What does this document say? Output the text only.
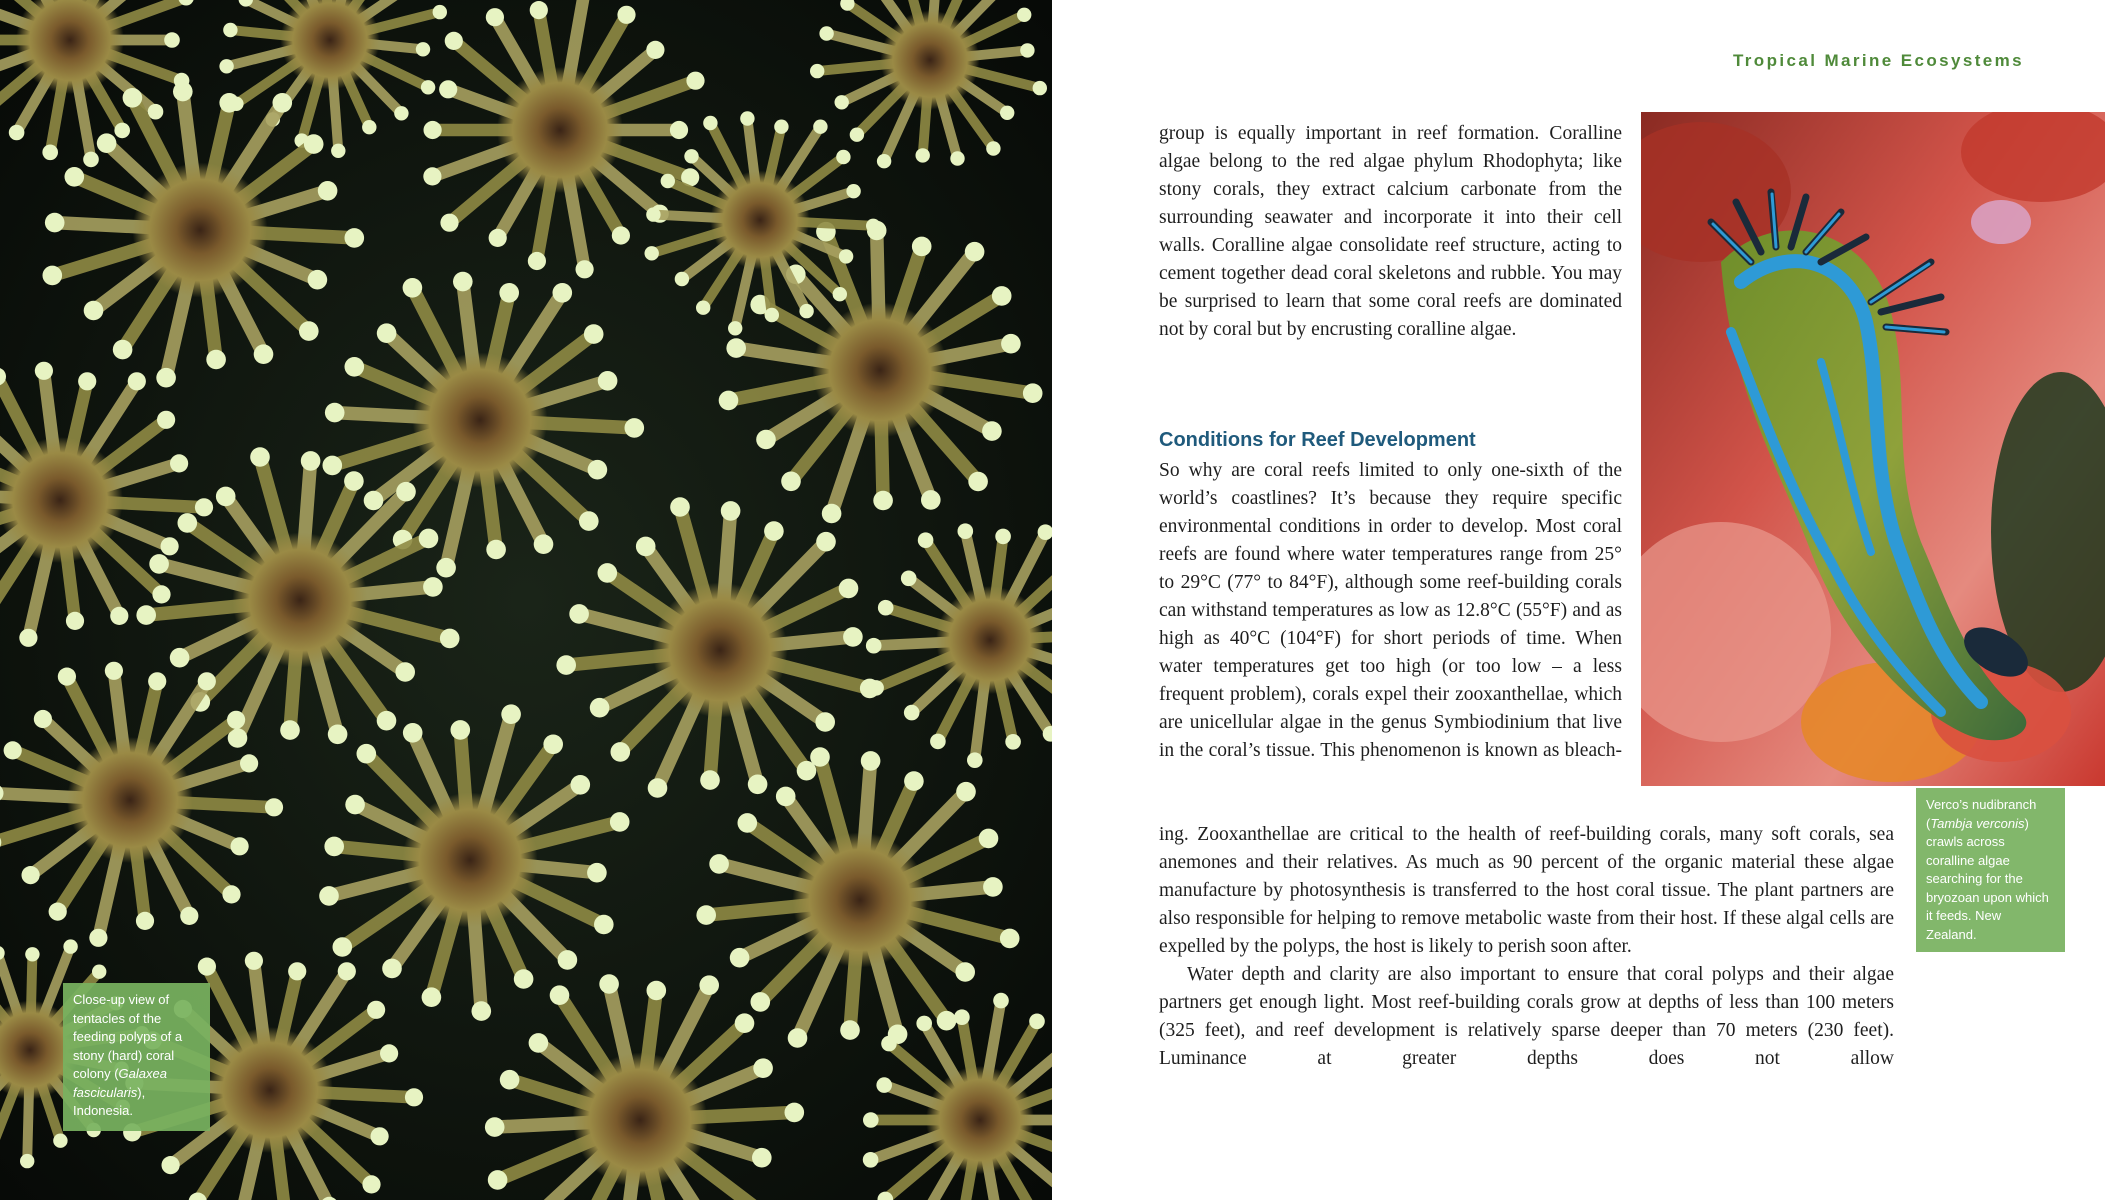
Close-up view of tentacles of the feeding polyps of a stony (hard) coral colony (Galaxea fascicularis), Indonesia.
Tropical Marine Ecosystems

group is equally important in reef formation. Coralline algae belong to the red algae phylum Rhodophyta; like stony corals, they extract calcium carbonate from the surrounding seawater and incorporate it into their cell walls. Coralline algae consolidate reef structure, acting to cement together dead coral skeletons and rubble. You may be surprised to learn that some coral reefs are dominated not by coral but by encrusting coralline algae.

Conditions for Reef Development

So why are coral reefs limited to only one-sixth of the world’s coastlines? It’s because they require specific environmental conditions in order to develop. Most coral reefs are found where water temperatures range from 25° to 29°C (77° to 84°F), although some reef-building corals can withstand temperatures as low as 12.8°C (55°F) and as high as 40°C (104°F) for short periods of time. When water temperatures get too high (or too low – a less frequent problem), corals expel their zooxanthellae, which are unicellular algae in the genus Symbiodinium that live in the coral’s tissue. This phenomenon is known as bleach-

ing. Zooxanthellae are critical to the health of reef-building corals, many soft corals, sea anemones and their relatives. As much as 90 percent of the organic material these algae manufacture by photosynthesis is transferred to the host coral tissue. The plant partners are also responsible for helping to remove metabolic waste from their host. If these algal cells are expelled by the polyps, the host is likely to perish soon after.

Water depth and clarity are also important to ensure that coral polyps and their algae partners get enough light. Most reef-building corals grow at depths of less than 100 meters (325 feet), and reef development is relatively sparse deeper than 70 meters (230 feet). Luminance at greater depths does not allow

Verco’s nudibranch (Tambja verconis) crawls across coralline algae searching for the bryozoan upon which it feeds. New Zealand.
